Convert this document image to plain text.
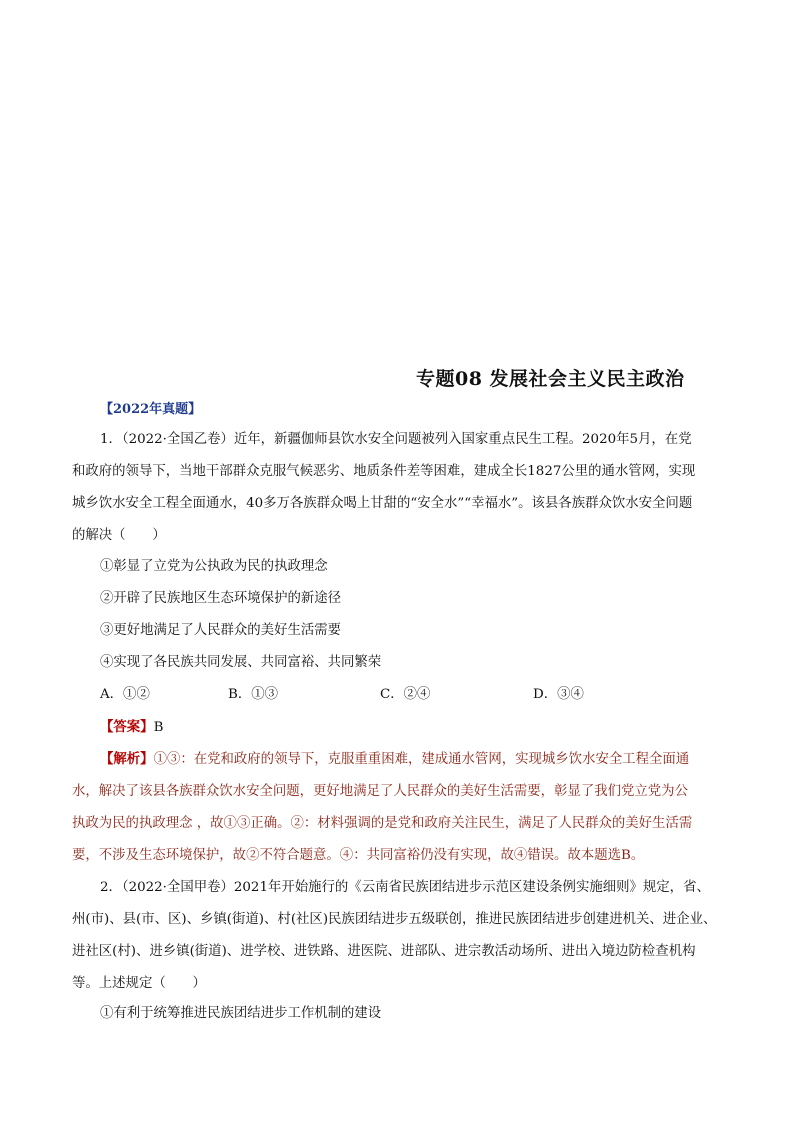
专题08 发展社会主义民主政治
【2022年真题】
1．（2022·全国乙卷）近年，新疆伽师县饮水安全问题被列入国家重点民生工程。2020年5月，在党
和政府的领导下，当地干部群众克服气候恶劣、地质条件差等困难，建成全长1827公里的通水管网，实现
城乡饮水安全工程全面通水，40多万各族群众喝上甘甜的“安全水”“幸福水”。该县各族群众饮水安全问题
的解决（　　）
①彰显了立党为公执政为民的执政理念
②开辟了民族地区生态环境保护的新途径
③更好地满足了人民群众的美好生活需要
④实现了各民族共同发展、共同富裕、共同繁荣
A．①②	B．①③	C．②④	D．③④
【答案】B
【解析】①③：在党和政府的领导下，克服重重困难，建成通水管网，实现城乡饮水安全工程全面通
水，解决了该县各族群众饮水安全问题，更好地满足了人民群众的美好生活需要，彰显了我们党立党为公
执政为民的执政理念 ，故①③正确。②：材料强调的是党和政府关注民生，满足了人民群众的美好生活需
要，不涉及生态环境保护，故②不符合题意。④：共同富裕仍没有实现，故④错误。故本题选B。
2．（2022·全国甲卷）2021年开始施行的《云南省民族团结进步示范区建设条例实施细则》规定，省、
州(市)、县(市、区)、乡镇(街道)、村(社区)民族团结进步五级联创，推进民族团结进步创建进机关、进企业、
进社区(村)、进乡镇(街道)、进学校、进铁路、进医院、进部队、进宗教活动场所、进出入境边防检查机构
等。上述规定（　　）
①有利于统筹推进民族团结进步工作机制的建设
